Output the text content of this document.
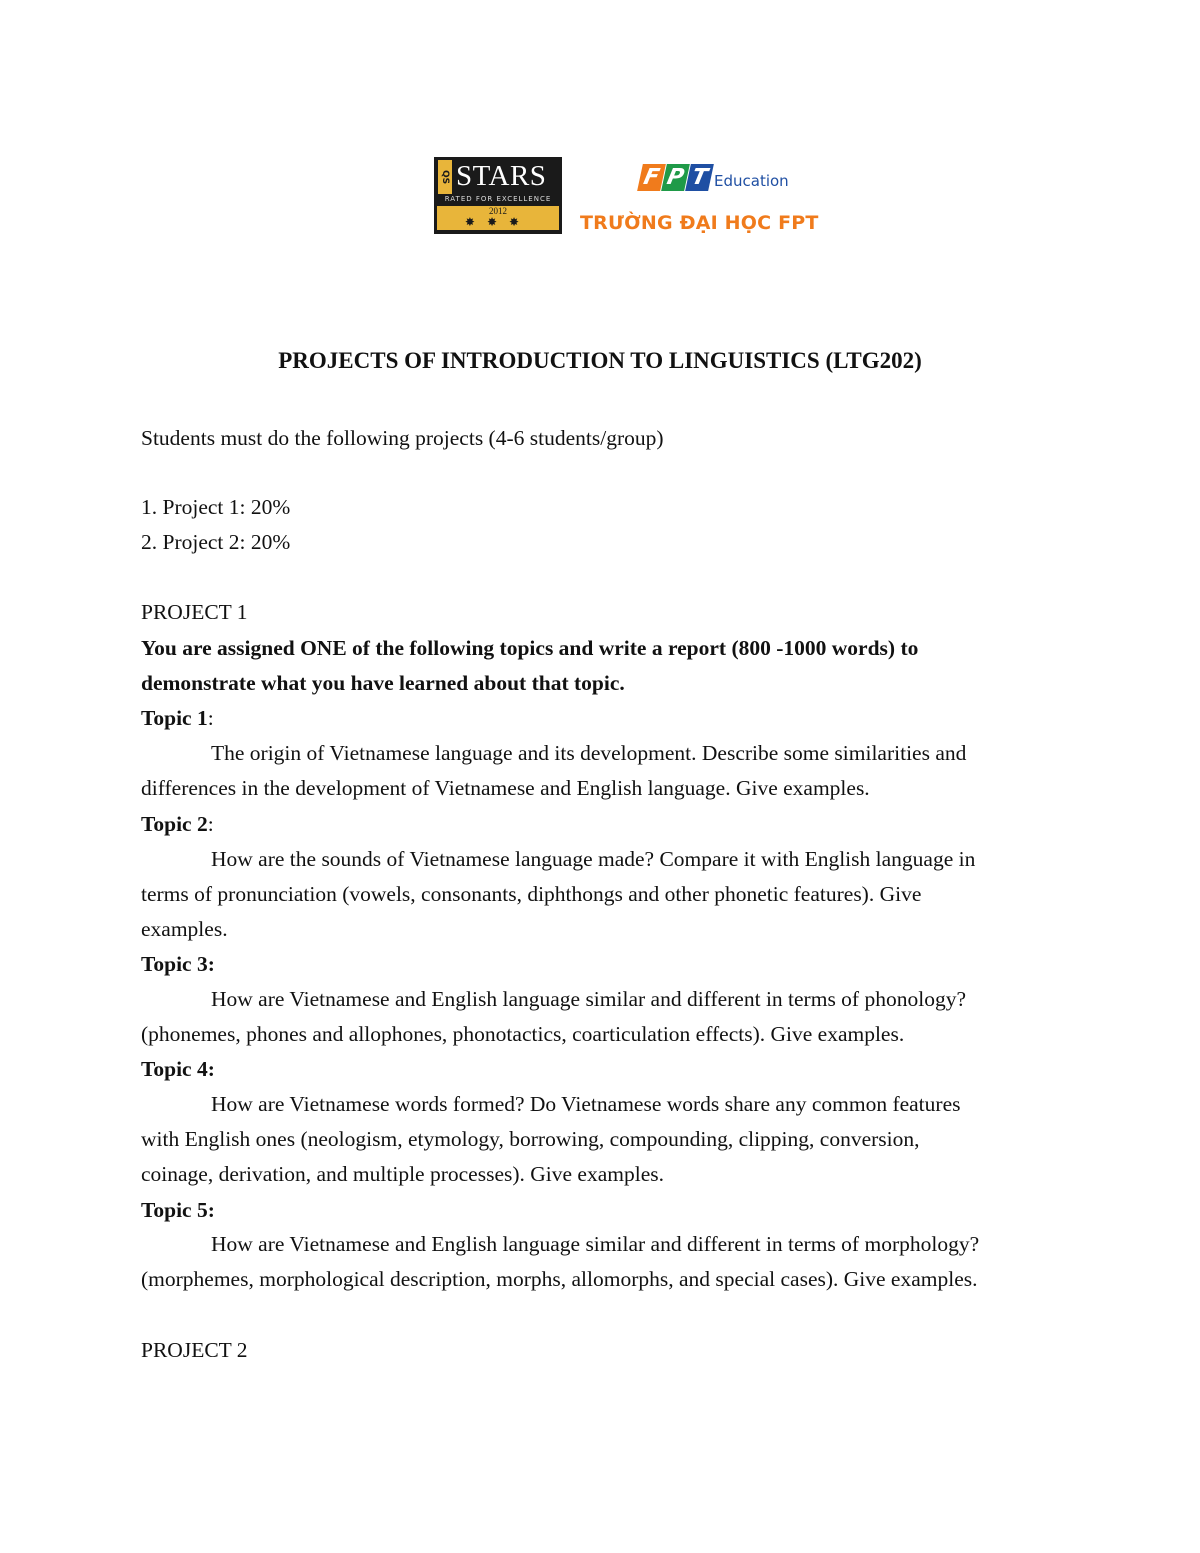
QS STARS
RATED FOR EXCELLENCE
2012
✸✸✸
F P T Education
TRƯỜNG ĐẠI HỌC FPT
PROJECTS OF INTRODUCTION TO LINGUISTICS (LTG202)
Students must do the following projects (4-6 students/group)
1. Project 1: 20%
2. Project 2: 20%
PROJECT 1
You are assigned ONE of the following topics and write a report (800 -1000 words) to
demonstrate what you have learned about that topic.
Topic 1:
The origin of Vietnamese language and its development. Describe some similarities and
differences in the development of Vietnamese and English language. Give examples.
Topic 2:
How are the sounds of Vietnamese language made? Compare it with English language in
terms of pronunciation (vowels, consonants, diphthongs and other phonetic features). Give
examples.
Topic 3:
How are Vietnamese and English language similar and different in terms of phonology?
(phonemes, phones and allophones, phonotactics, coarticulation effects). Give examples.
Topic 4:
How are Vietnamese words formed? Do Vietnamese words share any common features
with English ones (neologism, etymology, borrowing, compounding, clipping, conversion,
coinage, derivation, and multiple processes). Give examples.
Topic 5:
How are Vietnamese and English language similar and different in terms of morphology?
(morphemes, morphological description, morphs, allomorphs, and special cases). Give examples.
PROJECT 2
